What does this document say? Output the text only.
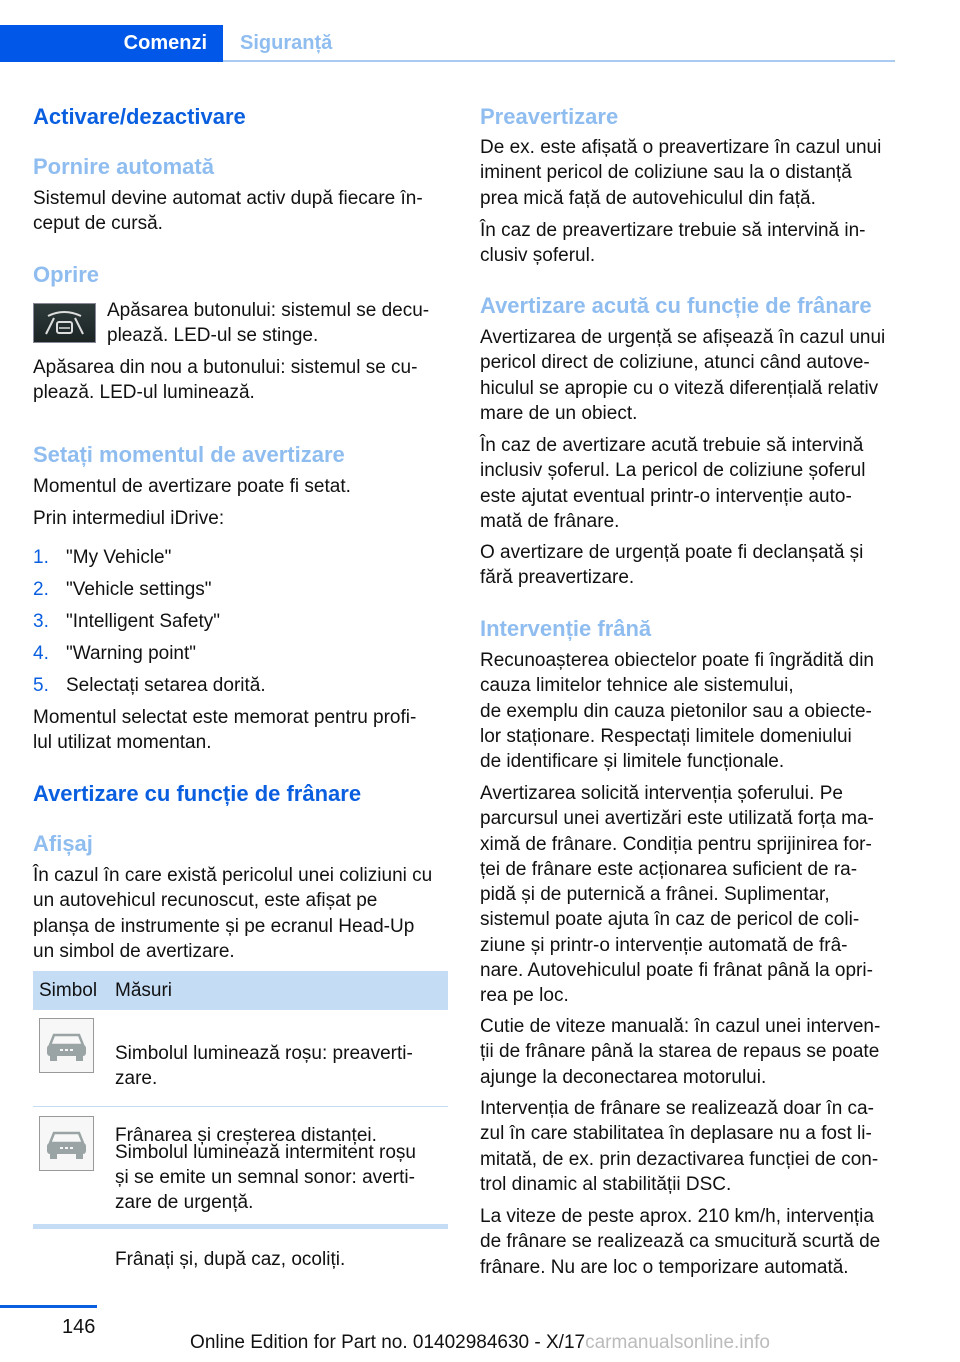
Comenzi	Siguranță
Activare/dezactivare
Pornire automată
Sistemul devine automat activ după fiecare în-
ceput de cursă.
Oprire
Apăsarea butonului: sistemul se decu-
plează. LED-ul se stinge.
Apăsarea din nou a butonului: sistemul se cu-
plează. LED-ul luminează.
Setați momentul de avertizare
Momentul de avertizare poate fi setat.
Prin intermediul iDrive:
1. "My Vehicle"
2. "Vehicle settings"
3. "Intelligent Safety"
4. "Warning point"
5. Selectați setarea dorită.
Momentul selectat este memorat pentru profi-
lul utilizat momentan.
Avertizare cu funcție de frânare
Afișaj
În cazul în care există pericolul unei coliziuni cu
un autovehicul recunoscut, este afișat pe
planșa de instrumente și pe ecranul Head-Up
un simbol de avertizare.
Simbol Măsuri

Simbolul luminează roșu: preaverti-
zare.

Frânarea și creșterea distanței.

Simbolul luminează intermitent roșu
și se emite un semnal sonor: averti-
zare de urgență.

Frânați și, după caz, ocoliți.

Preavertizare
De ex. este afișată o preavertizare în cazul unui
iminent pericol de coliziune sau la o distanță
prea mică față de autovehiculul din față.
În caz de preavertizare trebuie să intervină in-
clusiv șoferul.
Avertizare acută cu funcție de frânare
Avertizarea de urgență se afișează în cazul unui
pericol direct de coliziune, atunci când autove-
hiculul se apropie cu o viteză diferențială relativ
mare de un obiect.
În caz de avertizare acută trebuie să intervină
inclusiv șoferul. La pericol de coliziune șoferul
este ajutat eventual printr-o intervenție auto-
mată de frânare.
O avertizare de urgență poate fi declanșată și
fără preavertizare.
Intervenție frână
Recunoașterea obiectelor poate fi îngrădită din
cauza limitelor tehnice ale sistemului,
de exemplu din cauza pietonilor sau a obiecte-
lor staționare. Respectați limitele domeniului
de identificare și limitele funcționale.
Avertizarea solicită intervenția șoferului. Pe
parcursul unei avertizări este utilizată forța ma-
ximă de frânare. Condiția pentru sprijinirea for-
ței de frânare este acționarea suficient de ra-
pidă și de puternică a frânei. Suplimentar,
sistemul poate ajuta în caz de pericol de coli-
ziune și printr-o intervenție automată de frâ-
nare. Autovehiculul poate fi frânat până la opri-
rea pe loc.
Cutie de viteze manuală: în cazul unei interven-
ții de frânare până la starea de repaus se poate
ajunge la deconectarea motorului.
Intervenția de frânare se realizează doar în ca-
zul în care stabilitatea în deplasare nu a fost li-
mitată, de ex. prin dezactivarea funcției de con-
trol dinamic al stabilității DSC.
La viteze de peste aprox. 210 km/h, intervenția
de frânare se realizează ca smucitură scurtă de
frânare. Nu are loc o temporizare automată.
146
Online Edition for Part no. 01402984630 - X/17carmanualsonline.info
